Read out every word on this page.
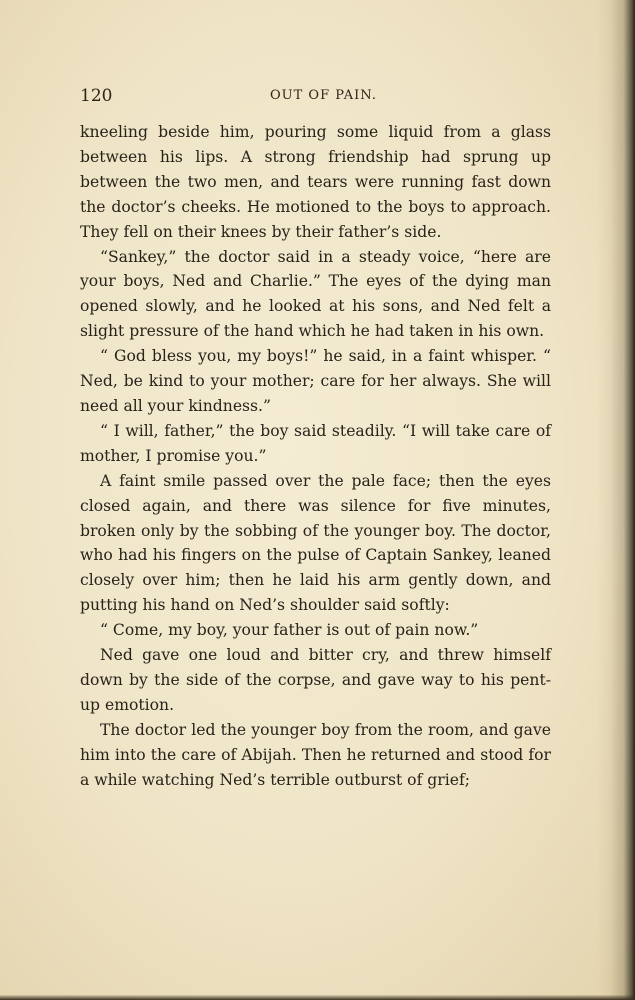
120	OUT OF PAIN.

kneeling beside him, pouring some liquid from a glass between his lips. A strong friendship had sprung up between the two men, and tears were running fast down the doctor’s cheeks. He motioned to the boys to approach. They fell on their knees by their father’s side.

“Sankey,” the doctor said in a steady voice, “here are your boys, Ned and Charlie.” The eyes of the dying man opened slowly, and he looked at his sons, and Ned felt a slight pressure of the hand which he had taken in his own.

“ God bless you, my boys!” he said, in a faint whisper. “ Ned, be kind to your mother; care for her always. She will need all your kindness.”

“ I will, father,” the boy said steadily. “I will take care of mother, I promise you.”

A faint smile passed over the pale face; then the eyes closed again, and there was silence for five minutes, broken only by the sobbing of the younger boy. The doctor, who had his fingers on the pulse of Captain Sankey, leaned closely over him; then he laid his arm gently down, and putting his hand on Ned’s shoulder said softly:

“ Come, my boy, your father is out of pain now.”

Ned gave one loud and bitter cry, and threw himself down by the side of the corpse, and gave way to his pent-up emotion.

The doctor led the younger boy from the room, and gave him into the care of Abijah. Then he returned and stood for a while watching Ned’s terrible outburst of grief;
